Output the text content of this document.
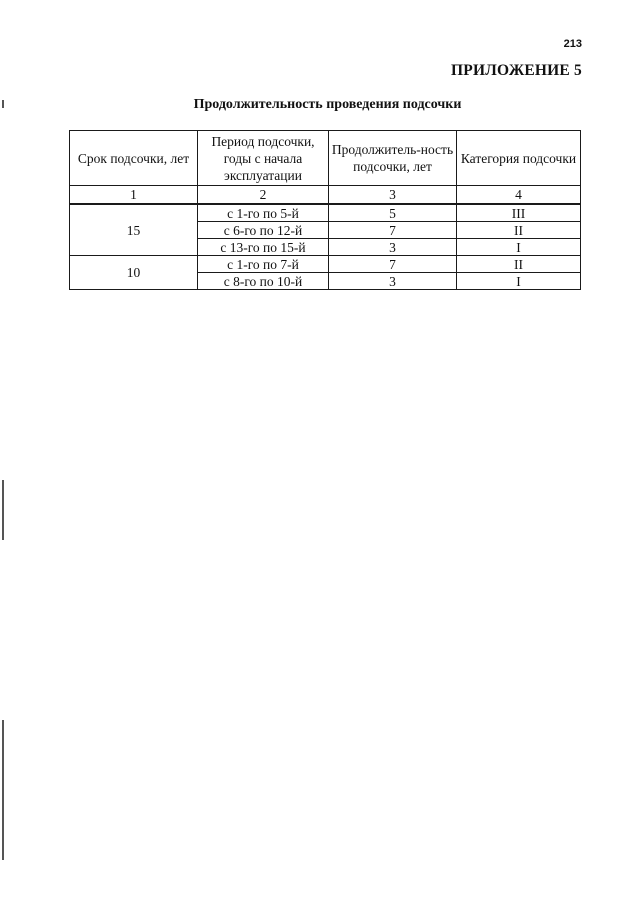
213
ПРИЛОЖЕНИЕ 5
Продолжительность проведения подсочки
Срок подсочки, лет	Период подсочки, годы с начала эксплуатации	Продолжитель-ность подсочки, лет	Категория подсочки
1	2	3	4
15	с 1-го по 5-й	5	III
	с 6-го по 12-й	7	II
	с 13-го по 15-й	3	I
10	с 1-го по 7-й	7	II
	с 8-го по 10-й	3	I
